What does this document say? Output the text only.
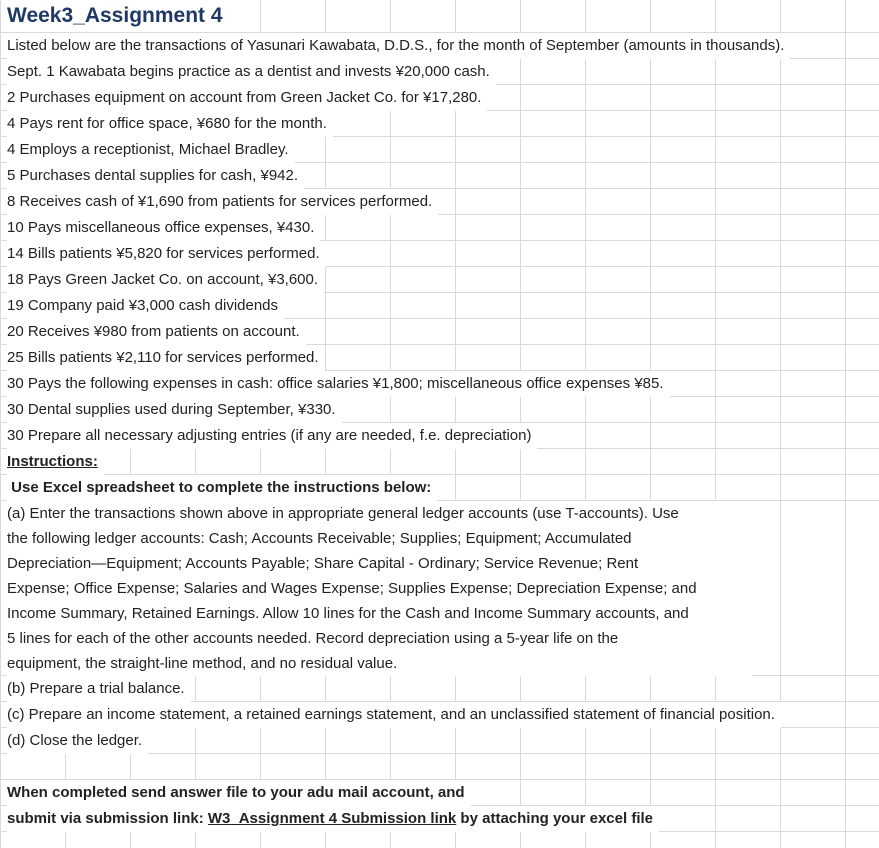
Week3_Assignment 4
Listed below are the transactions of Yasunari Kawabata, D.D.S., for the month of September (amounts in thousands).
Sept. 1 Kawabata begins practice as a dentist and invests ¥20,000 cash.
2 Purchases equipment on account from Green Jacket Co. for ¥17,280.
4 Pays rent for office space, ¥680 for the month.
4 Employs a receptionist, Michael Bradley.
5 Purchases dental supplies for cash, ¥942.
8 Receives cash of ¥1,690 from patients for services performed.
10 Pays miscellaneous office expenses, ¥430.
14 Bills patients ¥5,820 for services performed.
18 Pays Green Jacket Co. on account, ¥3,600.
19 Company paid ¥3,000 cash dividends
20 Receives ¥980 from patients on account.
25 Bills patients ¥2,110 for services performed.
30 Pays the following expenses in cash: office salaries ¥1,800; miscellaneous office expenses ¥85.
30 Dental supplies used during September, ¥330.
30 Prepare all necessary adjusting entries (if any are needed, f.e. depreciation)
Instructions:
Use Excel spreadsheet to complete the instructions below:
(a) Enter the transactions shown above in appropriate general ledger accounts (use T-accounts). Use
the following ledger accounts: Cash; Accounts Receivable; Supplies; Equipment; Accumulated
Depreciation—Equipment; Accounts Payable; Share Capital - Ordinary; Service Revenue; Rent
Expense; Office Expense; Salaries and Wages Expense; Supplies Expense; Depreciation Expense; and
Income Summary, Retained Earnings. Allow 10 lines for the Cash and Income Summary accounts, and
5 lines for each of the other accounts needed. Record depreciation using a 5-year life on the
equipment, the straight-line method, and no residual value.
(b) Prepare a trial balance.
(c) Prepare an income statement, a retained earnings statement, and an unclassified statement of financial position.
(d) Close the ledger.
When completed send answer file to your adu mail account, and
submit via submission link: W3_Assignment 4 Submission link by attaching your excel file
